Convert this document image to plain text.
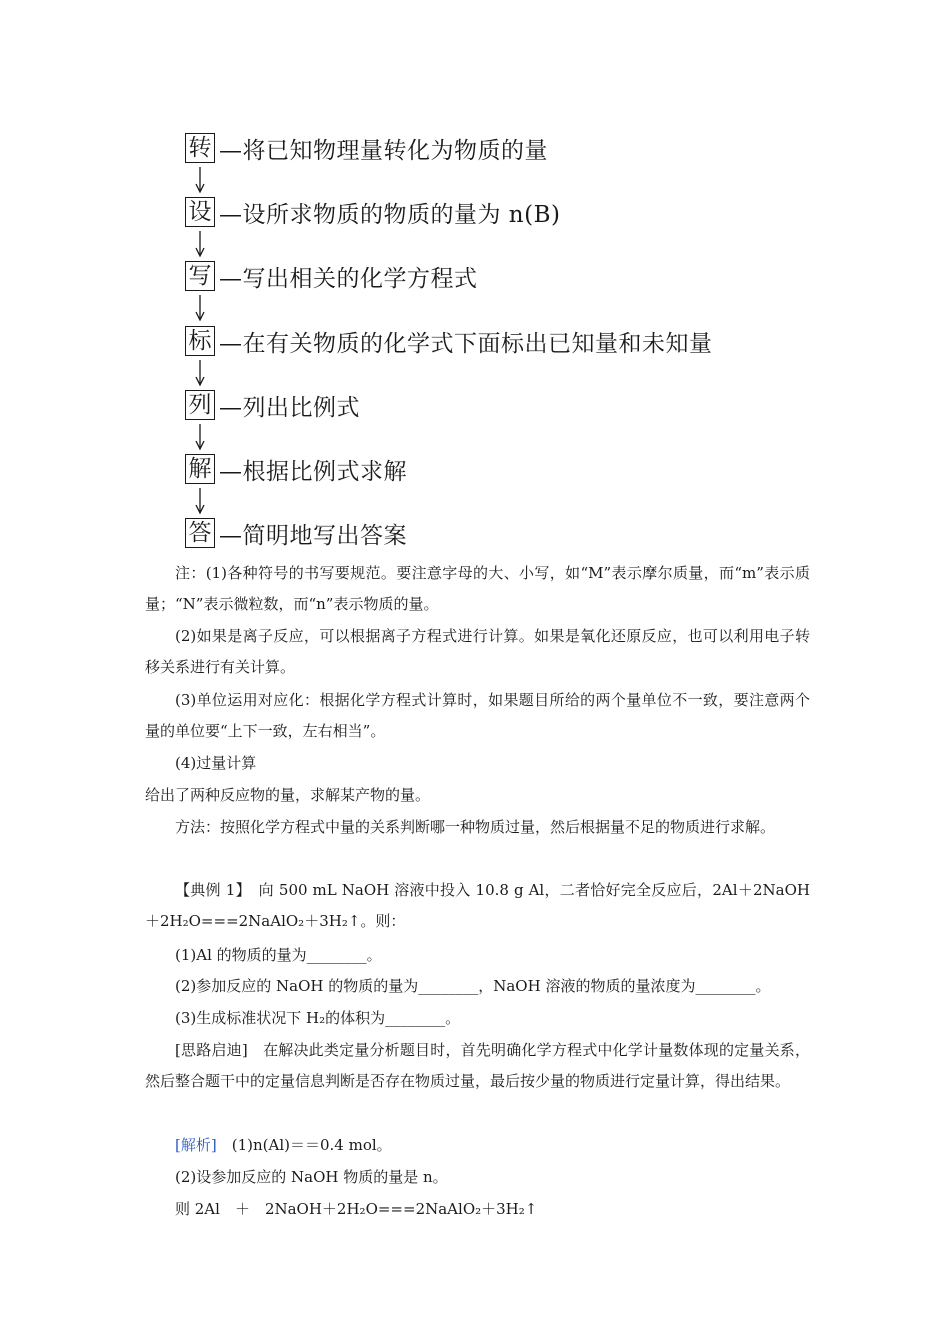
转 —将已知物理量转化为物质的量
设 —设所求物质的物质的量为 n(B)
写 —写出相关的化学方程式
标 —在有关物质的化学式下面标出已知量和未知量
列 —列出比例式
解 —根据比例式求解
答 —简明地写出答案

注：(1)各种符号的书写要规范。要注意字母的大、小写，如“M”表示摩尔质量，而“m”表示质量；“N”表示微粒数，而“n”表示物质的量。

(2)如果是离子反应，可以根据离子方程式进行计算。如果是氧化还原反应，也可以利用电子转移关系进行有关计算。

(3)单位运用对应化：根据化学方程式计算时，如果题目所给的两个量单位不一致，要注意两个量的单位要“上下一致，左右相当”。

(4)过量计算

给出了两种反应物的量，求解某产物的量。

方法：按照化学方程式中量的关系判断哪一种物质过量，然后根据量不足的物质进行求解。

【典例 1】　 向 500 mL NaOH 溶液中投入 10.8 g Al，二者恰好完全反应后，2Al＋2NaOH＋2H₂O===2NaAlO₂＋3H₂↑。则：

(1)Al 的物质的量为________。

(2)参加反应的 NaOH 的物质的量为________，NaOH 溶液的物质的量浓度为________。

(3)生成标准状况下 H₂的体积为________。

[思路启迪]　 在解决此类定量分析题目时，首先明确化学方程式中化学计量数体现的定量关系，然后整合题干中的定量信息判断是否存在物质过量，最后按少量的物质进行定量计算，得出结果。

[解析]　 (1)n(Al)＝＝0.4 mol。

(2)设参加反应的 NaOH 物质的量是 n。

则 2Al　＋　2NaOH＋2H₂O===2NaAlO₂＋3H₂↑
